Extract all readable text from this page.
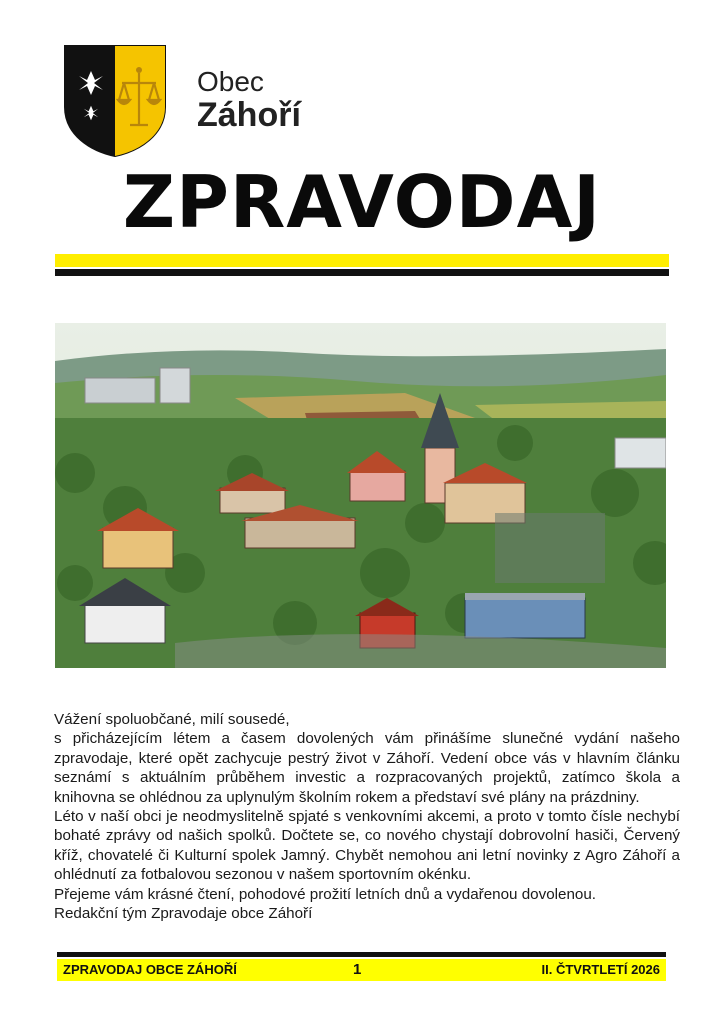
Obec
Záhoří
ZPRAVODAJ

Vážení spoluobčané, milí sousedé,

s přicházejícím létem a časem dovolených vám přinášíme slunečné vydání našeho zpravodaje, které opět zachycuje pestrý život v Záhoří. Vedení obce vás v hlavním článku seznámí s aktuálním průběhem investic a rozpracovaných projektů, zatímco škola a knihovna se ohlédnou za uplynulým školním rokem a představí své plány na prázdniny.

Léto v naší obci je neodmyslitelně spjaté s venkovními akcemi, a proto v tomto čísle nechybí bohaté zprávy od našich spolků. Dočtete se, co nového chystají dobrovolní hasiči, Červený kříž, chovatelé či Kulturní spolek Jamný. Chybět nemohou ani letní novinky z Agro Záhoří a ohlédnutí za fotbalovou sezonou v našem sportovním okénku.

Přejeme vám krásné čtení, pohodové prožití letních dnů a vydařenou dovolenou.

Redakční tým Zpravodaje obce Záhoří

ZPRAVODAJ OBCE ZÁHOŘÍ	1	II. ČTVRTLETÍ 2026
